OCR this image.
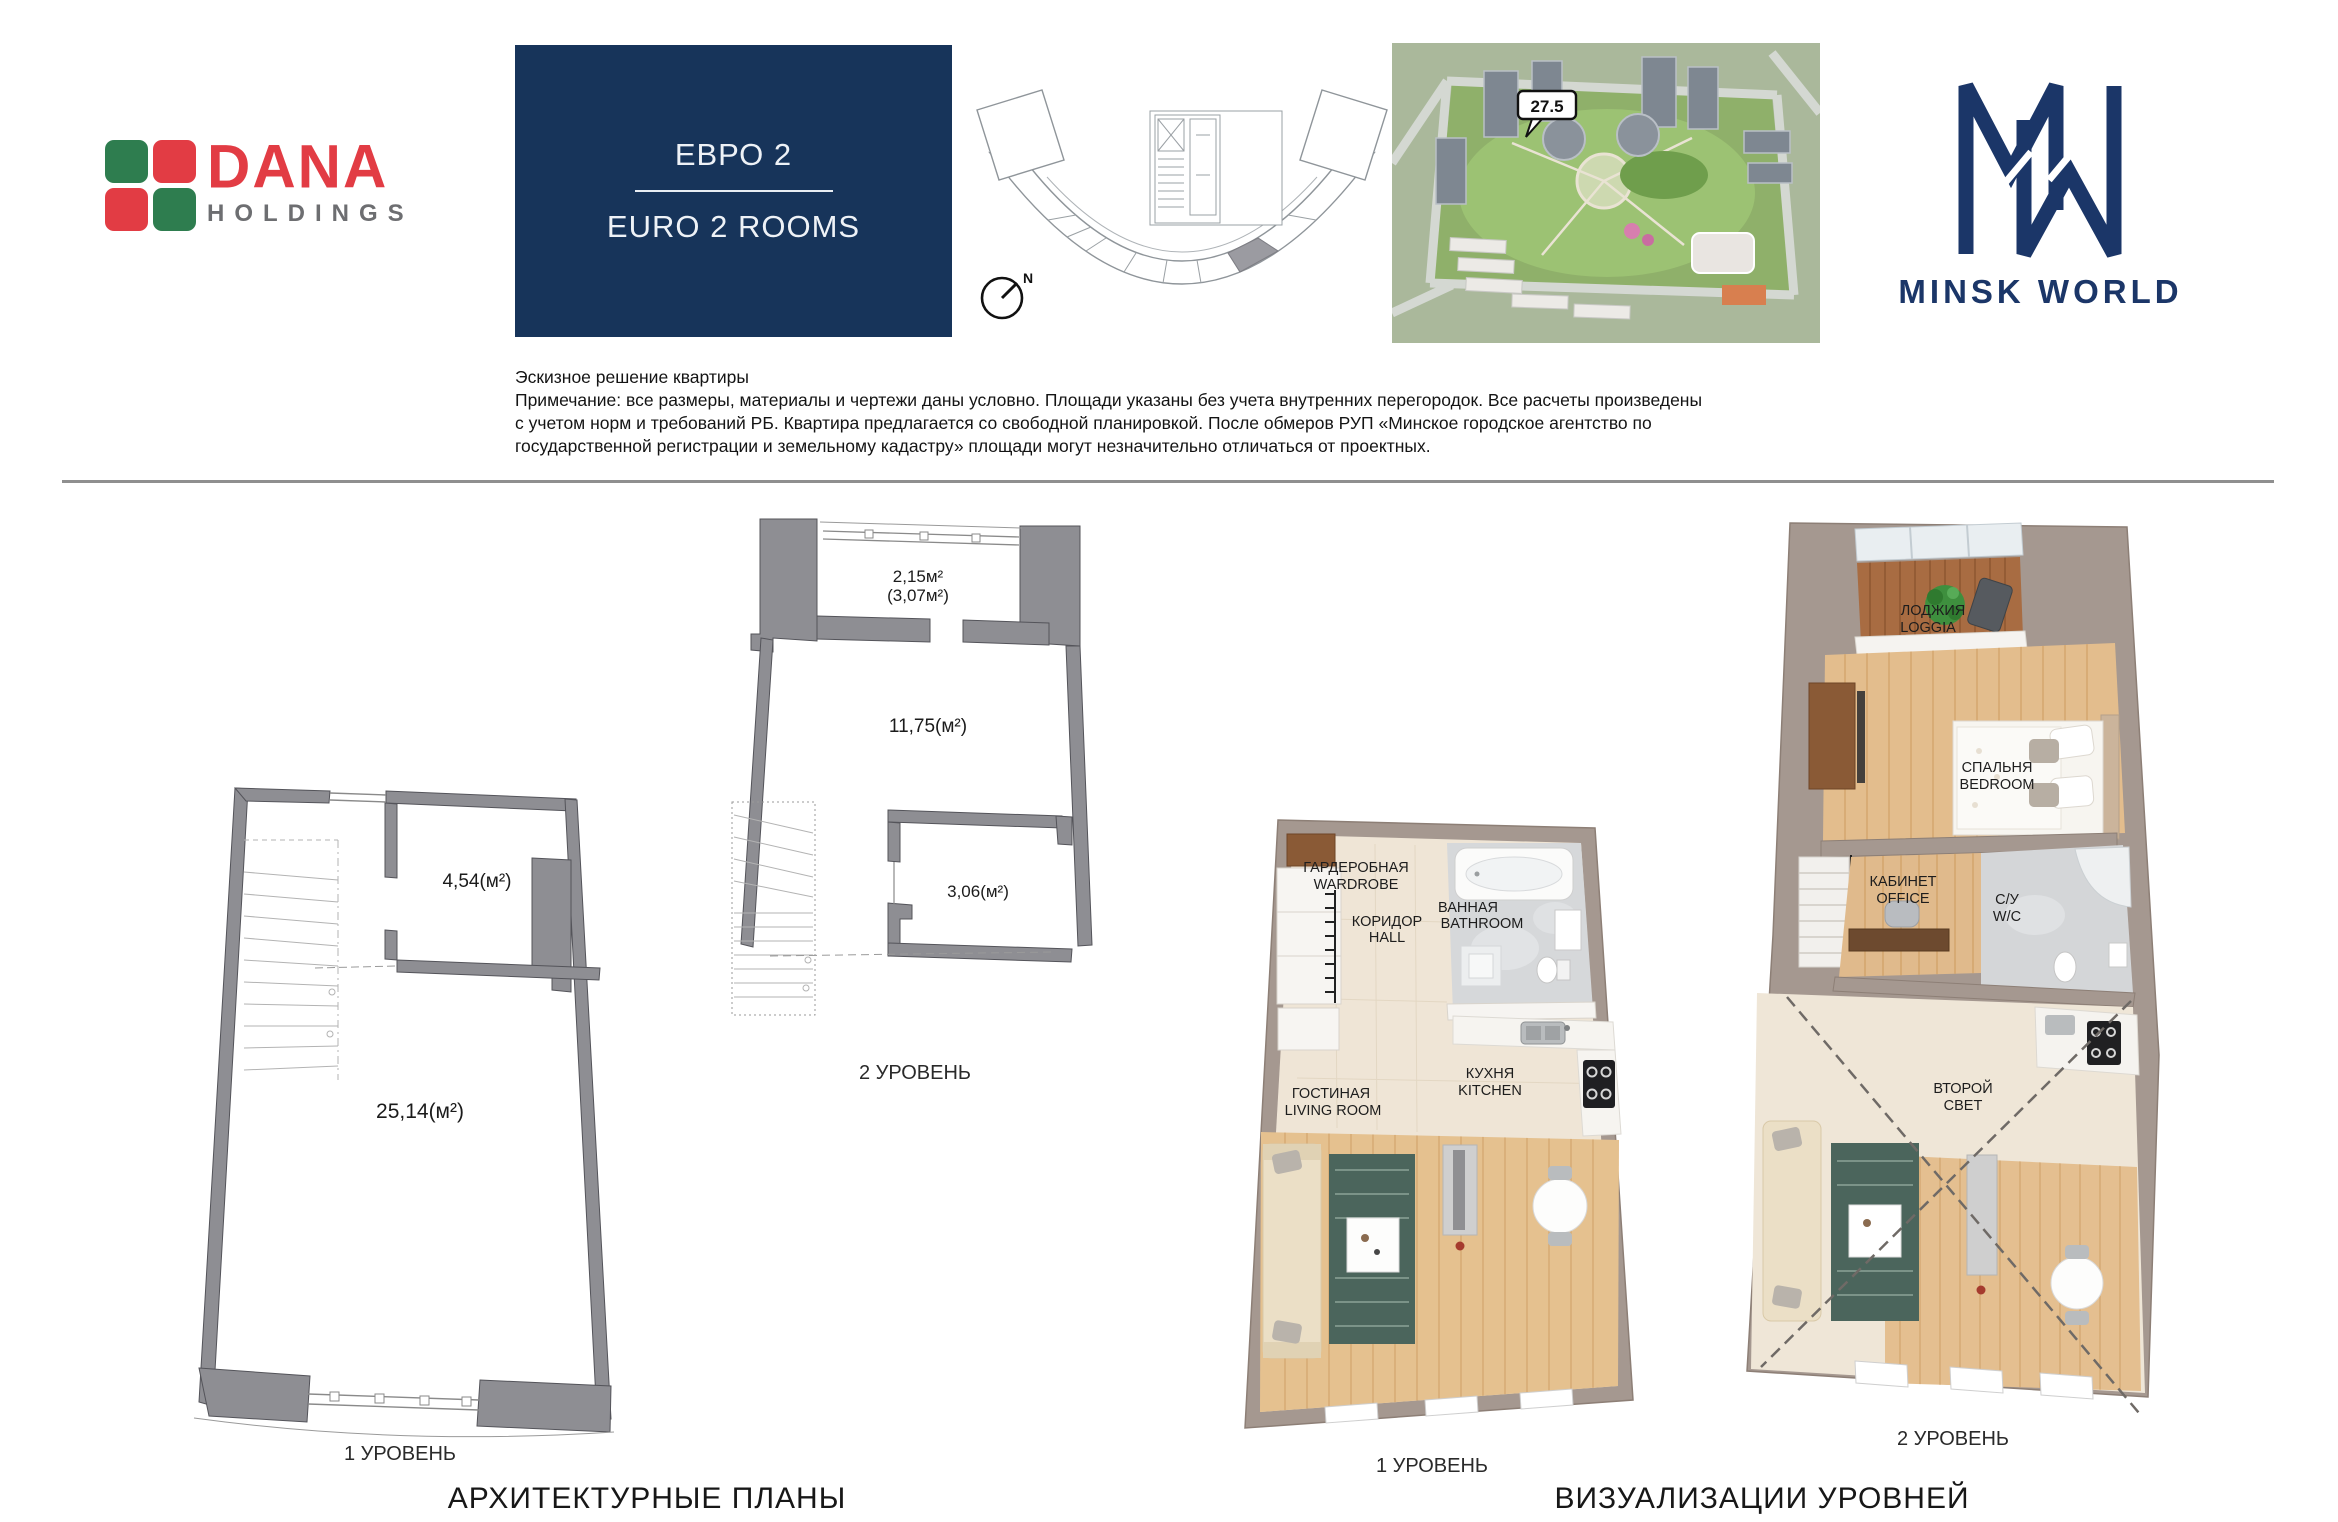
DANA
HOLDINGS
ЕВРО 2
EURO 2 ROOMS
N
27.5
MINSK WORLD
Эскизное решение квартиры
Примечание: все размеры, материалы и чертежи даны условно. Площади указаны без учета внутренних перегородок. Все расчеты произведены
с учетом норм и требований РБ. Квартира предлагается со свободной планировкой. После обмеров РУП «Минское городское агентство по
государственной регистрации и земельному кадастру» площади могут незначительно отличаться от проектных.
4,54(м²)
25,14(м²)
1 УРОВЕНЬ
2,15м²
(3,07м²)
11,75(м²)
3,06(м²)
2 УРОВЕНЬ
АРХИТЕКТУРНЫЕ ПЛАНЫ
ГАРДЕРОБНАЯ
WARDROBE
ВАННАЯ
BATHROOM
КОРИДОР
HALL
КУХНЯ
KITCHEN
ГОСТИНАЯ
LIVING ROOM
1 УРОВЕНЬ
ЛОДЖИЯ
LOGGIA
СПАЛЬНЯ
BEDROOM
КАБИНЕТ
OFFICE	С/У
W/C
ВТОРОЙ
СВЕТ
2 УРОВЕНЬ
ВИЗУАЛИЗАЦИИ УРОВНЕЙ
